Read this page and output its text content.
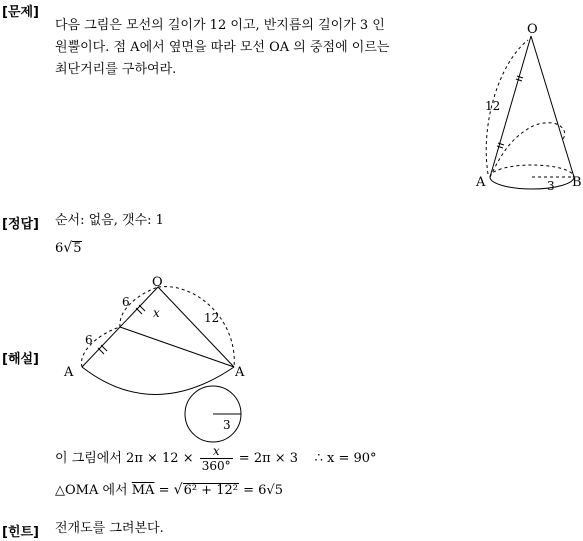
[문제]
[정답]
[해설]
[힌트]
다음 그림은 모선의 길이가 12 이고, 반지름의 길이가 3 인
원뿔이다. 점 A에서 옆면을 따라 모선 OA 의 중점에 이르는
최단거리를 구하여라.
O
A	B
12
3
순서: 없음, 갯수: 1
6√5
O
A	A
6
6
12
x
3
이 그림에서 $2\pi \times 12 \times \frac{x}{360^\circ} = 2\pi \times 3$ ∴ x = 90°
△OMA 에서 $\overline{MA} = √6^2 + 12^2 = 6√5$
전개도를 그려본다.
